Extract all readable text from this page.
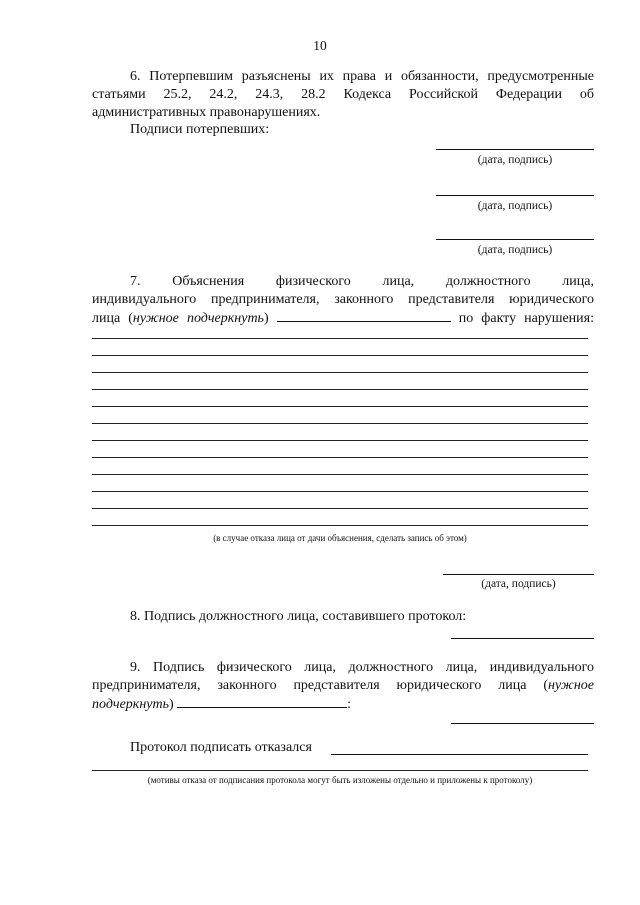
10
6. Потерпевшим разъяснены их права и обязанности, предусмотренные
статьями 25.2, 24.2, 24.3, 28.2 Кодекса Российской Федерации об
административных правонарушениях.
Подписи потерпевших:
(дата, подпись)
(дата, подпись)
(дата, подпись)
7. Объяснения физического лица, должностного лица,
индивидуального предпринимателя, законного представителя юридического
лица (нужное подчеркнуть)	по факту нарушения:
(в случае отказа лица от дачи объяснения, сделать запись об этом)
(дата, подпись)
8. Подпись должностного лица, составившего протокол:
9. Подпись физического лица, должностного лица, индивидуального
предпринимателя, законного представителя юридического лица (нужное
подчеркнуть)	:
Протокол подписать отказался
(мотивы отказа от подписания протокола могут быть изложены отдельно и приложены к протоколу)
